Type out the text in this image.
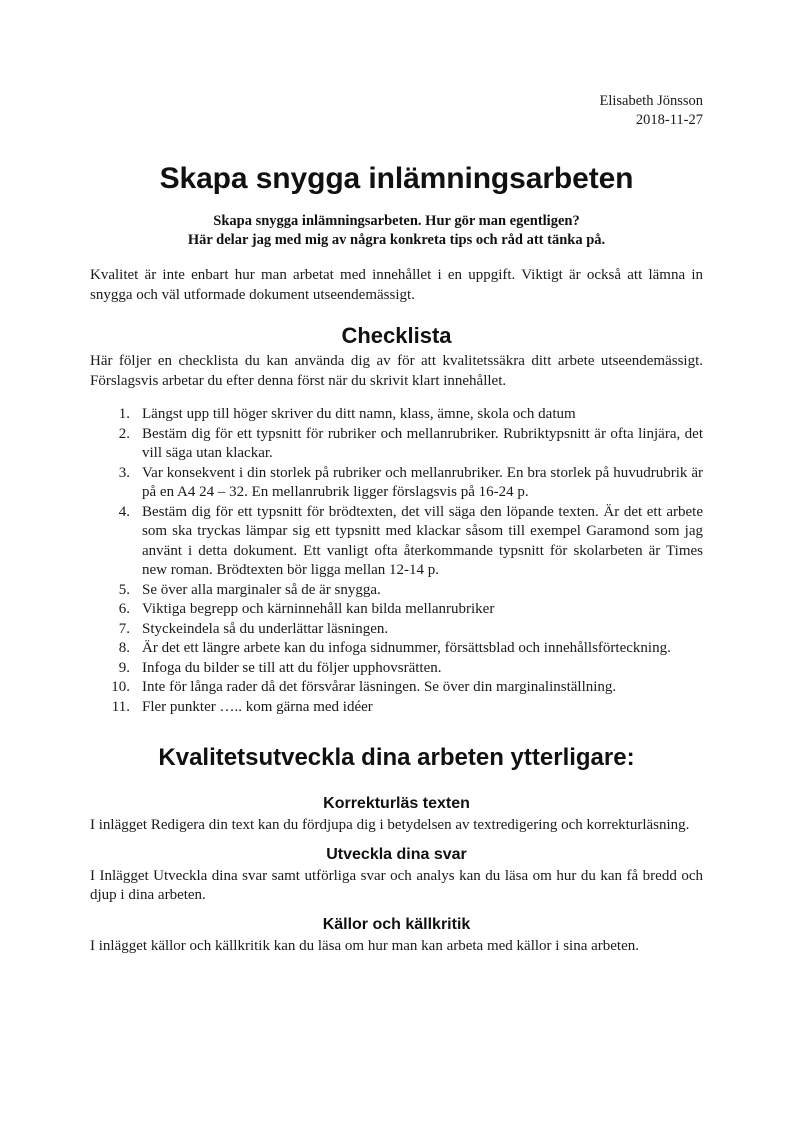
Elisabeth Jönsson
2018-11-27
Skapa snygga inlämningsarbeten
Skapa snygga inlämningsarbeten. Hur gör man egentligen?
Här delar jag med mig av några konkreta tips och råd att tänka på.

Kvalitet är inte enbart hur man arbetat med innehållet i en uppgift. Viktigt är också att lämna in snygga och väl utformade dokument utseendemässigt.

Checklista

Här följer en checklista du kan använda dig av för att kvalitetssäkra ditt arbete utseendemässigt. Förslagsvis arbetar du efter denna först när du skrivit klart innehållet.

Längst upp till höger skriver du ditt namn, klass, ämne, skola och datum
Bestäm dig för ett typsnitt för rubriker och mellanrubriker. Rubriktypsnitt är ofta linjära, det vill säga utan klackar.
Var konsekvent i din storlek på rubriker och mellanrubriker. En bra storlek på huvudrubrik är på en A4 24 – 32. En mellanrubrik ligger förslagsvis på 16-24 p.
Bestäm dig för ett typsnitt för brödtexten, det vill säga den löpande texten. Är det ett arbete som ska tryckas lämpar sig ett typsnitt med klackar såsom till exempel Garamond som jag använt i detta dokument. Ett vanligt ofta återkommande typsnitt för skolarbeten är Times new roman. Brödtexten bör ligga mellan 12-14 p.
Se över alla marginaler så de är snygga.
Viktiga begrepp och kärninnehåll kan bilda mellanrubriker
Styckeindela så du underlättar läsningen.
Är det ett längre arbete kan du infoga sidnummer, försättsblad och innehållsförteckning.
Infoga du bilder se till att du följer upphovsrätten.
Inte för långa rader då det försvårar läsningen. Se över din marginalinställning.
Fler punkter ….. kom gärna med idéer
Kvalitetsutveckla dina arbeten ytterligare:
Korrekturläs texten

I inlägget Redigera din text kan du fördjupa dig i betydelsen av textredigering och korrekturläsning.

Utveckla dina svar

I Inlägget Utveckla dina svar samt utförliga svar och analys kan du läsa om hur du kan få bredd och djup i dina arbeten.

Källor och källkritik

I inlägget källor och källkritik kan du läsa om hur man kan arbeta med källor i sina arbeten.
